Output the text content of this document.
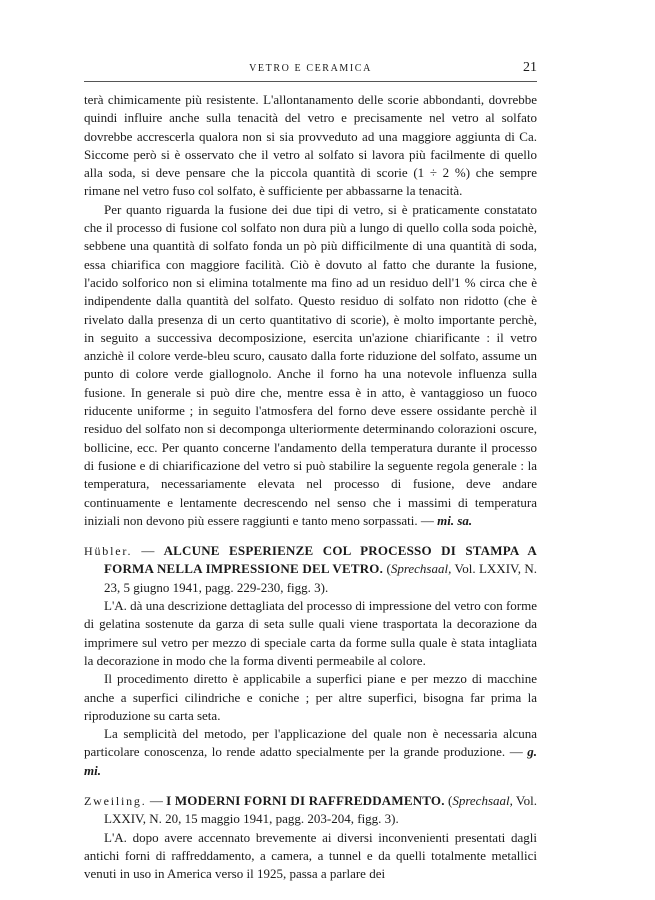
VETRO E CERAMICA	21

terà chimicamente più resistente. L'allontanamento delle scorie abbondanti, dovrebbe quindi influire anche sulla tenacità del vetro e precisamente nel vetro al solfato dovrebbe accrescerla qualora non si sia provveduto ad una maggiore aggiunta di Ca. Siccome però si è osservato che il vetro al solfato si lavora più facilmente di quello alla soda, si deve pensare che la piccola quantità di scorie (1 ÷ 2 %) che sempre rimane nel vetro fuso col solfato, è sufficiente per abbassarne la tenacità.

Per quanto riguarda la fusione dei due tipi di vetro, si è praticamente constatato che il processo di fusione col solfato non dura più a lungo di quello colla soda poichè, sebbene una quantità di solfato fonda un pò più difficilmente di una quantità di soda, essa chiarifica con maggiore facilità. Ciò è dovuto al fatto che durante la fusione, l'acido solforico non si elimina totalmente ma fino ad un residuo dell'1 % circa che è indipendente dalla quantità del solfato. Questo residuo di solfato non ridotto (che è rivelato dalla presenza di un certo quantitativo di scorie), è molto importante perchè, in seguito a successiva decomposizione, esercita un'azione chiarificante : il vetro anzichè il colore verde-bleu scuro, causato dalla forte riduzione del solfato, assume un punto di colore verde giallognolo. Anche il forno ha una notevole influenza sulla fusione. In generale si può dire che, mentre essa è in atto, è vantaggioso un fuoco riducente uniforme ; in seguito l'atmosfera del forno deve essere ossidante perchè il residuo del solfato non si decomponga ulteriormente determinando colorazioni oscure, bollicine, ecc. Per quanto concerne l'andamento della temperatura durante il processo di fusione e di chiarificazione del vetro si può stabilire la seguente regola generale : la temperatura, necessariamente elevata nel processo di fusione, deve andare continuamente e lentamente decrescendo nel senso che i massimi di temperatura iniziali non devono più essere raggiunti e tanto meno sorpassati. — mi. sa.

Hübler. — ALCUNE ESPERIENZE COL PROCESSO DI STAMPA A FORMA NELLA IMPRESSIONE DEL VETRO. (Sprechsaal, Vol. LXXIV, N. 23, 5 giugno 1941, pagg. 229-230, figg. 3).

L'A. dà una descrizione dettagliata del processo di impressione del vetro con forme di gelatina sostenute da garza di seta sulle quali viene trasportata la decorazione da imprimere sul vetro per mezzo di speciale carta da forme sulla quale è stata intagliata la decorazione in modo che la forma diventi permeabile al colore.

Il procedimento diretto è applicabile a superfici piane e per mezzo di macchine anche a superfici cilindriche e coniche ; per altre superfici, bisogna far prima la riproduzione su carta seta.

La semplicità del metodo, per l'applicazione del quale non è necessaria alcuna particolare conoscenza, lo rende adatto specialmente per la grande produzione. — g. mi.

Zweiling. — I MODERNI FORNI DI RAFFREDDAMENTO. (Sprechsaal, Vol. LXXIV, N. 20, 15 maggio 1941, pagg. 203-204, figg. 3).

L'A. dopo avere accennato brevemente ai diversi inconvenienti presentati dagli antichi forni di raffreddamento, a camera, a tunnel e da quelli totalmente metallici venuti in uso in America verso il 1925, passa a parlare dei
